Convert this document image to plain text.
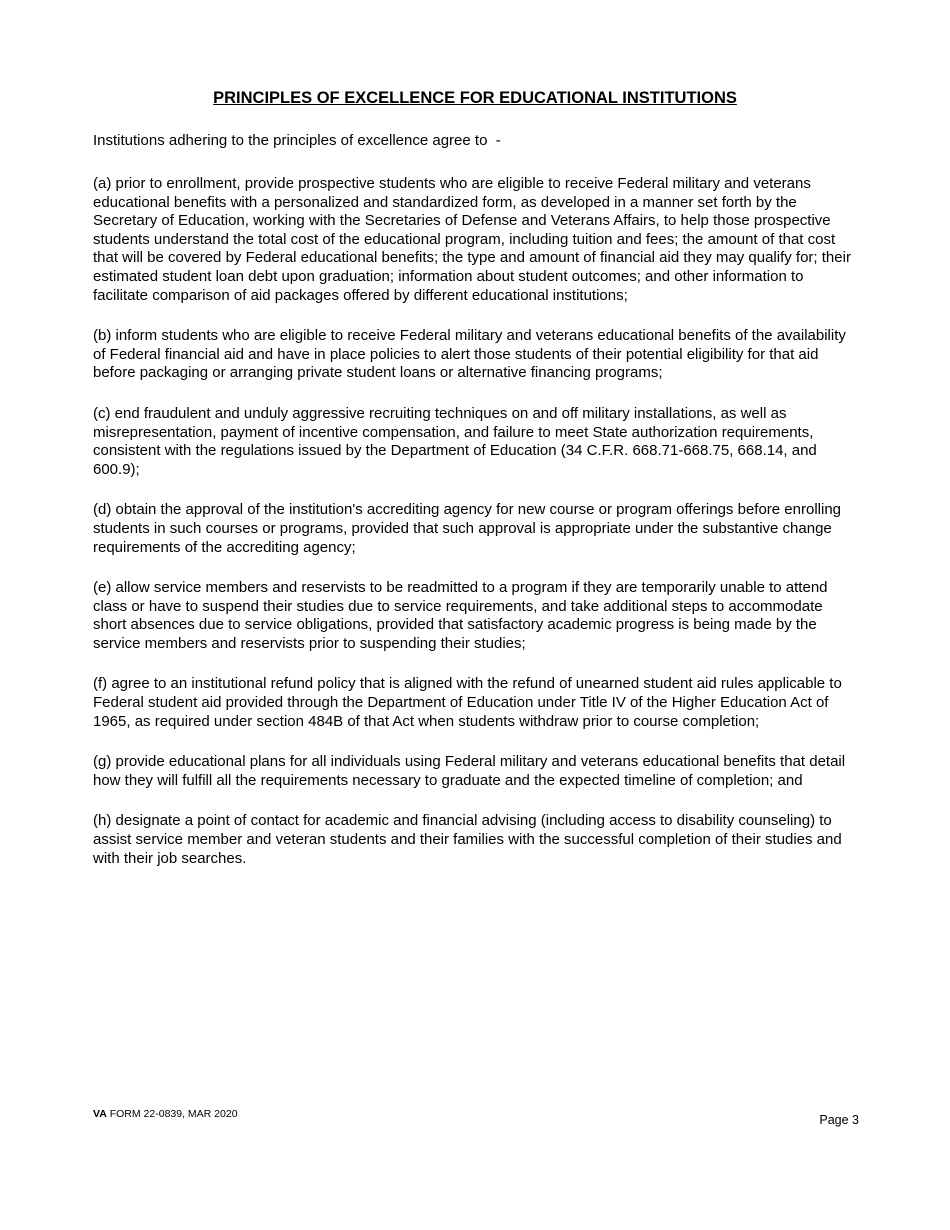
PRINCIPLES OF EXCELLENCE FOR EDUCATIONAL INSTITUTIONS

Institutions adhering to the principles of excellence agree to  -

(a) prior to enrollment, provide prospective students who are eligible to receive Federal military and veterans educational benefits with a personalized and standardized form, as developed in a manner set forth by the Secretary of Education, working with the Secretaries of Defense and Veterans Affairs, to help those prospective students understand the total cost of the educational program, including tuition and fees; the amount of that cost that will be covered by Federal educational benefits; the type and amount of financial aid they may qualify for; their estimated student loan debt upon graduation; information about student outcomes; and other information to facilitate comparison of aid packages offered by different educational institutions;

(b) inform students who are eligible to receive Federal military and veterans educational benefits of the availability of Federal financial aid and have in place policies to alert those students of their potential eligibility for that aid before packaging or arranging private student loans or alternative financing programs;

(c) end fraudulent and unduly aggressive recruiting techniques on and off military installations, as well as misrepresentation, payment of incentive compensation, and failure to meet State authorization requirements, consistent with the regulations issued by the Department of Education (34 C.F.R. 668.71-668.75, 668.14, and 600.9);

(d) obtain the approval of the institution's accrediting agency for new course or program offerings before enrolling students in such courses or programs, provided that such approval is appropriate under the substantive change requirements of the accrediting agency;

(e) allow service members and reservists to be readmitted to a program if they are temporarily unable to attend class or have to suspend their studies due to service requirements, and take additional steps to accommodate short absences due to service obligations, provided that satisfactory academic progress is being made by the service members and reservists prior to suspending their studies;

(f) agree to an institutional refund policy that is aligned with the refund of unearned student aid rules applicable to Federal student aid provided through the Department of Education under Title IV of the Higher Education Act of 1965, as required under section 484B of that Act when students withdraw prior to course completion;

(g) provide educational plans for all individuals using Federal military and veterans educational benefits that detail how they will fulfill all the requirements necessary to graduate and the expected timeline of completion; and

(h) designate a point of contact for academic and financial advising (including access to disability counseling) to assist service member and veteran students and their families with the successful completion of their studies and with their job searches.

VA FORM 22-0839, MAR 2020	Page 3
